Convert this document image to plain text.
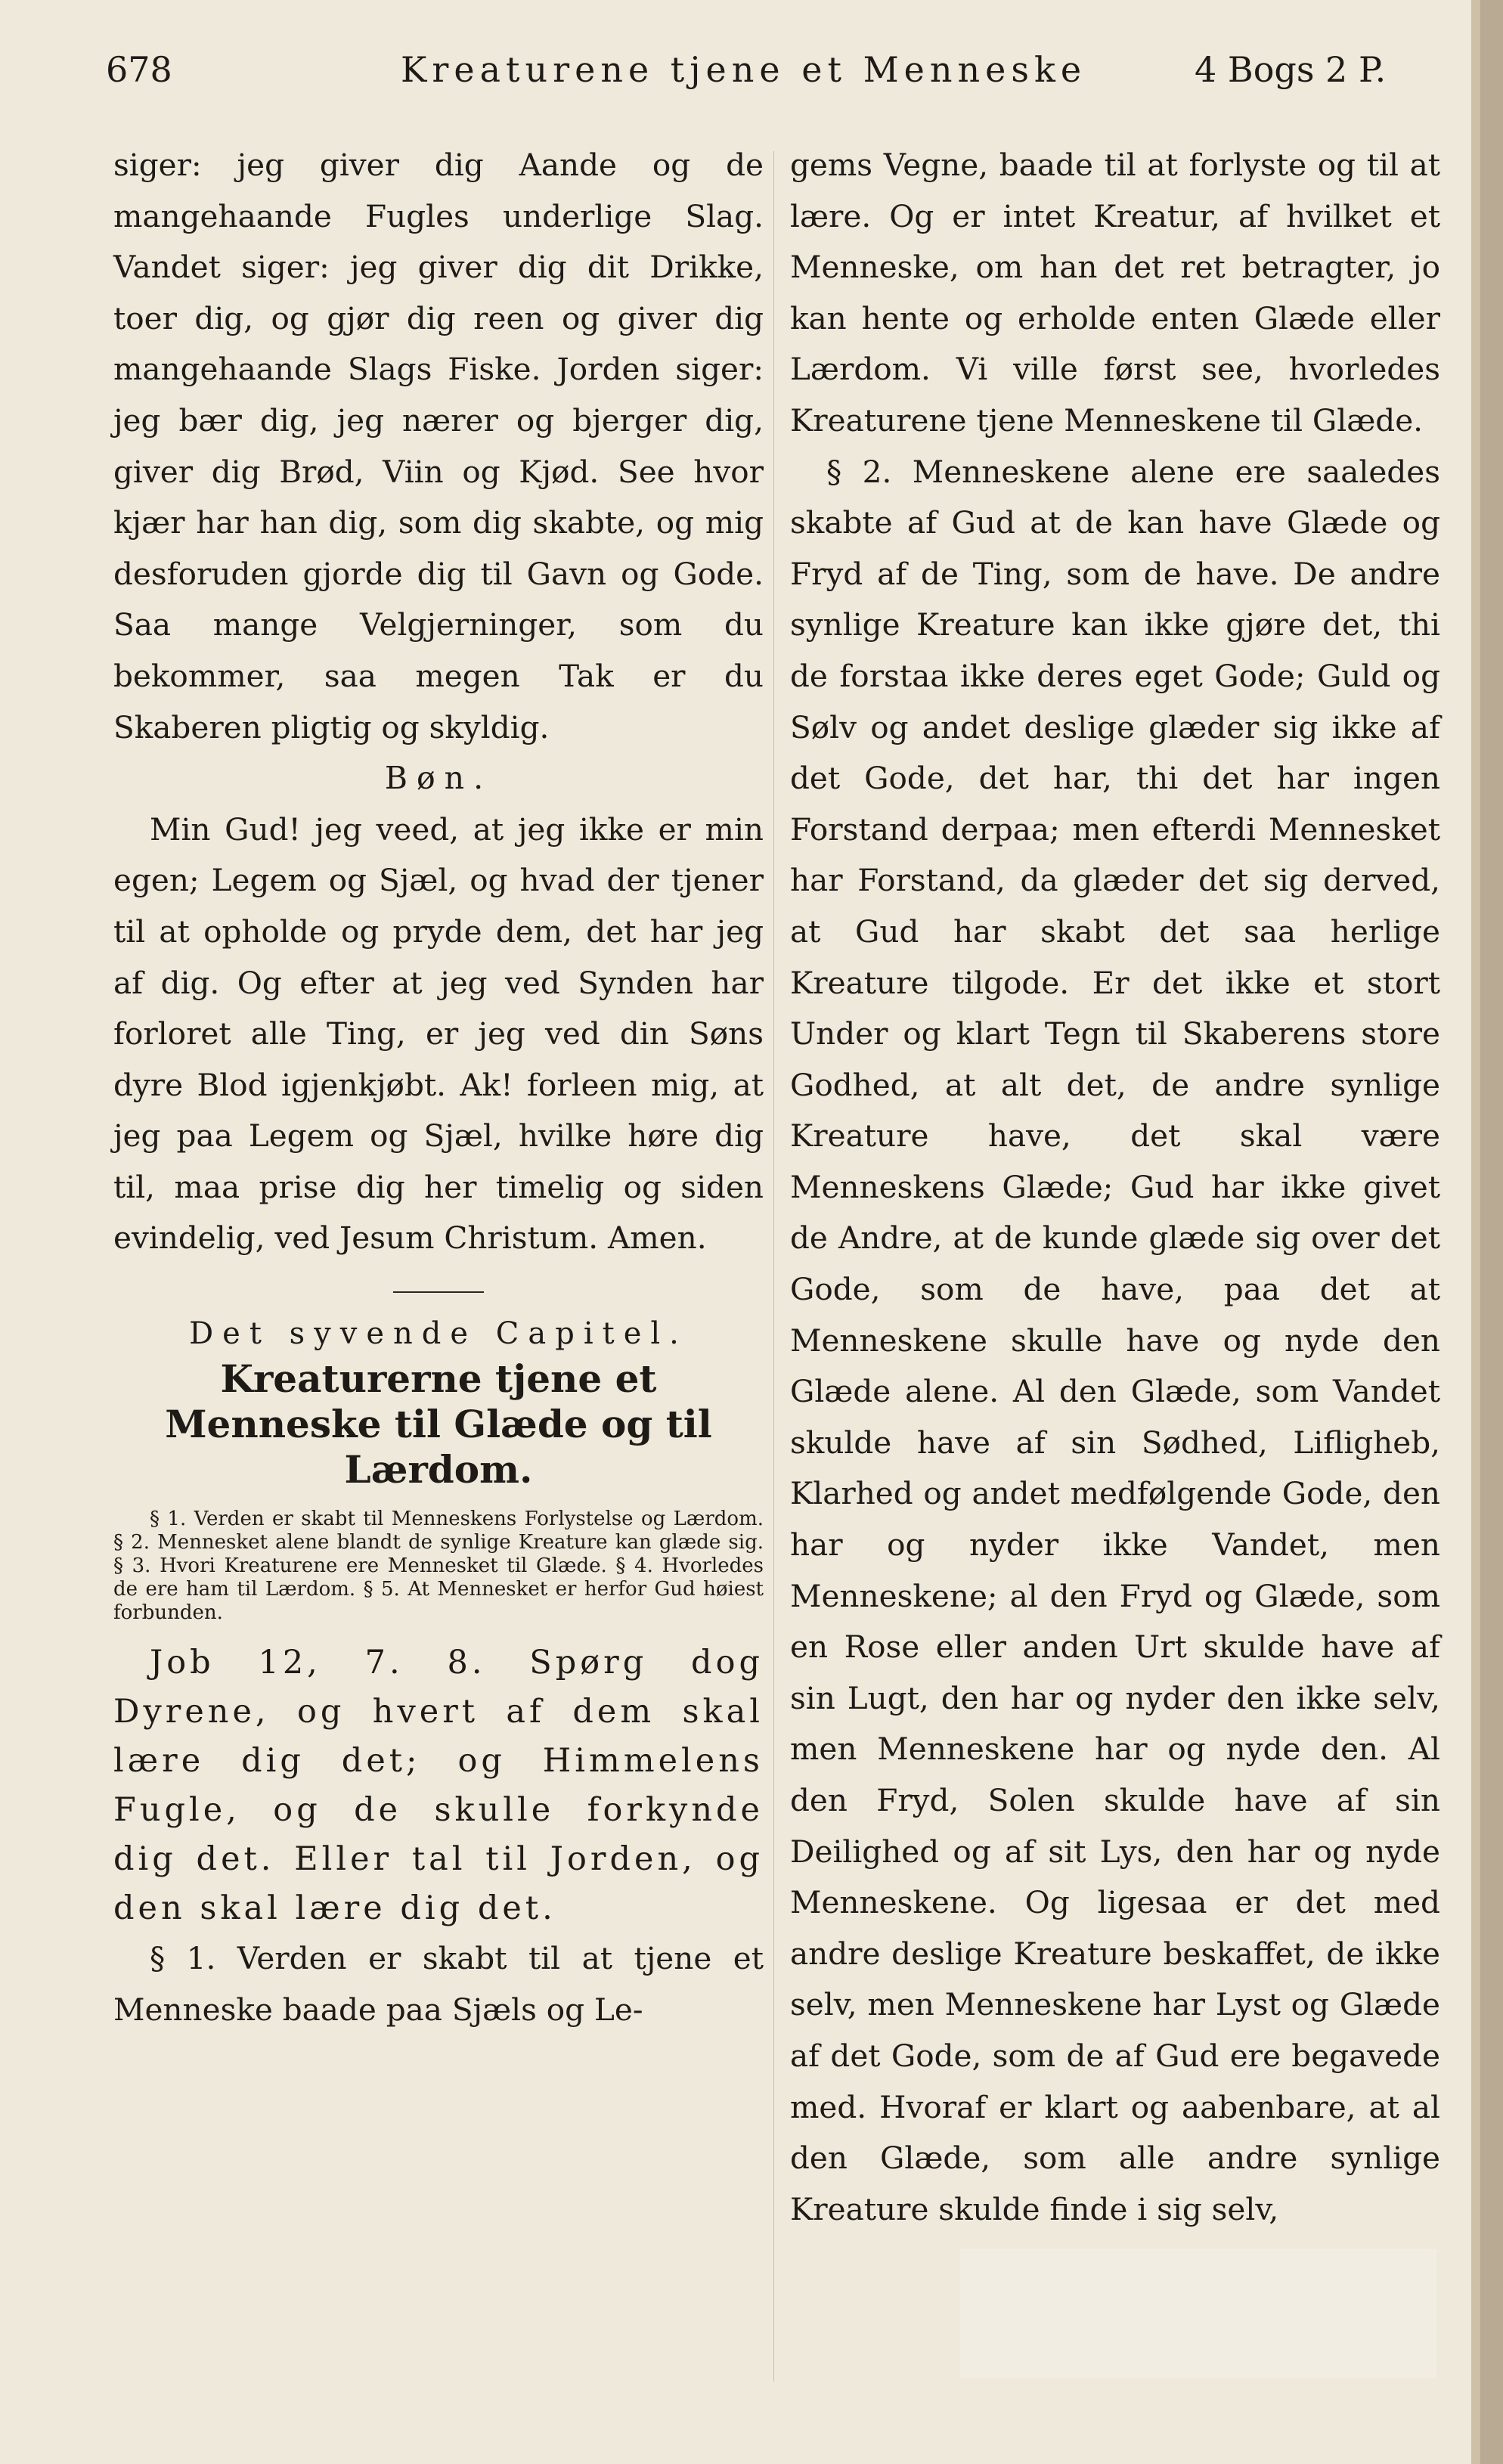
678	Kreaturene tjene et Menneske	4 Bogs 2 P.

siger: jeg giver dig Aande og de mangehaande Fugles underlige Slag. Vandet siger: jeg giver dig dit Drikke, toer dig, og gjør dig reen og giver dig mangehaande Slags Fiske. Jorden siger: jeg bær dig, jeg nærer og bjerger dig, giver dig Brød, Viin og Kjød. See hvor kjær har han dig, som dig skabte, og mig desforuden gjorde dig til Gavn og Gode. Saa mange Velgjerninger, som du bekommer, saa megen Tak er du Skaberen pligtig og skyldig.

Bøn.

Min Gud! jeg veed, at jeg ikke er min egen; Legem og Sjæl, og hvad der tjener til at opholde og pryde dem, det har jeg af dig. Og efter at jeg ved Synden har forloret alle Ting, er jeg ved din Søns dyre Blod igjenkjøbt. Ak! forleen mig, at jeg paa Legem og Sjæl, hvilke høre dig til, maa prise dig her timelig og siden evindelig, ved Jesum Christum. Amen.

Det syvende Capitel.

Kreaturerne tjene et Menneske til Glæde og til Lærdom.

§ 1. Verden er skabt til Menneskens Forlystelse og Lærdom. § 2. Mennesket alene blandt de synlige Kreature kan glæde sig. § 3. Hvori Kreaturene ere Mennesket til Glæde. § 4. Hvorledes de ere ham til Lærdom. § 5. At Mennesket er herfor Gud høiest forbunden.

Job 12, 7. 8. Spørg dog Dyrene, og hvert af dem skal lære dig det; og Himmelens Fugle, og de skulle forkynde dig det. Eller tal til Jorden, og den skal lære dig det.

§ 1. Verden er skabt til at tjene et Menneske baade paa Sjæls og Le-

gems Vegne, baade til at forlyste og til at lære. Og er intet Kreatur, af hvilket et Menneske, om han det ret betragter, jo kan hente og erholde enten Glæde eller Lærdom. Vi ville først see, hvorledes Kreaturene tjene Menneskene til Glæde.

§ 2. Menneskene alene ere saaledes skabte af Gud at de kan have Glæde og Fryd af de Ting, som de have. De andre synlige Kreature kan ikke gjøre det, thi de forstaa ikke deres eget Gode; Guld og Sølv og andet deslige glæder sig ikke af det Gode, det har, thi det har ingen Forstand derpaa; men efterdi Mennesket har Forstand, da glæder det sig derved, at Gud har skabt det saa herlige Kreature tilgode. Er det ikke et stort Under og klart Tegn til Skaberens store Godhed, at alt det, de andre synlige Kreature have, det skal være Menneskens Glæde; Gud har ikke givet de Andre, at de kunde glæde sig over det Gode, som de have, paa det at Menneskene skulle have og nyde den Glæde alene. Al den Glæde, som Vandet skulde have af sin Sødhed, Lifligheb, Klarhed og andet medfølgende Gode, den har og nyder ikke Vandet, men Menneskene; al den Fryd og Glæde, som en Rose eller anden Urt skulde have af sin Lugt, den har og nyder den ikke selv, men Menneskene har og nyde den. Al den Fryd, Solen skulde have af sin Deilighed og af sit Lys, den har og nyde Menneskene. Og ligesaa er det med andre deslige Kreature beskaffet, de ikke selv, men Menneskene har Lyst og Glæde af det Gode, som de af Gud ere begavede med. Hvoraf er klart og aabenbare, at al den Glæde, som alle andre synlige Kreature skulde finde i sig selv,
